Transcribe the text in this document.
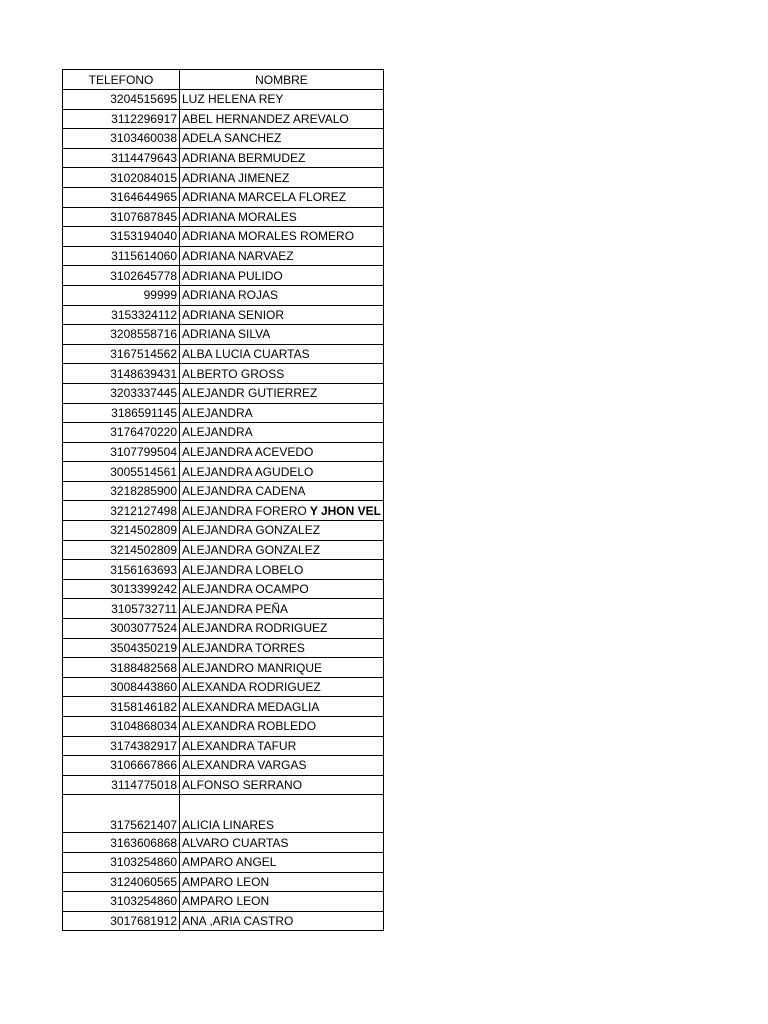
TELEFONO	NOMBRE
3204515695	LUZ HELENA REY
3112296917	ABEL HERNANDEZ AREVALO
3103460038	ADELA SANCHEZ
3114479643	ADRIANA BERMUDEZ
3102084015	ADRIANA JIMENEZ
3164644965	ADRIANA MARCELA FLOREZ
3107687845	ADRIANA MORALES
3153194040	ADRIANA MORALES ROMERO
3115614060	ADRIANA NARVAEZ
3102645778	ADRIANA PULIDO
99999	ADRIANA ROJAS
3153324112	ADRIANA SENIOR
3208558716	ADRIANA SILVA
3167514562	ALBA LUCIA CUARTAS
3148639431	ALBERTO GROSS
3203337445	ALEJANDR GUTIERREZ
3186591145	ALEJANDRA
3176470220	ALEJANDRA
3107799504	ALEJANDRA ACEVEDO
3005514561	ALEJANDRA AGUDELO
3218285900	ALEJANDRA CADENA
3212127498	ALEJANDRA FORERO Y JHON VEL
3214502809	ALEJANDRA GONZALEZ
3214502809	ALEJANDRA GONZALEZ
3156163693	ALEJANDRA LOBELO
3013399242	ALEJANDRA OCAMPO
3105732711	ALEJANDRA PEÑA
3003077524	ALEJANDRA RODRIGUEZ
3504350219	ALEJANDRA TORRES
3188482568	ALEJANDRO MANRIQUE
3008443860	ALEXANDA RODRIGUEZ
3158146182	ALEXANDRA MEDAGLIA
3104868034	ALEXANDRA ROBLEDO
3174382917	ALEXANDRA TAFUR
3106667866	ALEXANDRA VARGAS
3114775018	ALFONSO SERRANO
3175621407	ALICIA LINARES
3163606868	ALVARO CUARTAS
3103254860	AMPARO ANGEL
3124060565	AMPARO LEON
3103254860	AMPARO LEON
3017681912	ANA ,ARIA CASTRO
